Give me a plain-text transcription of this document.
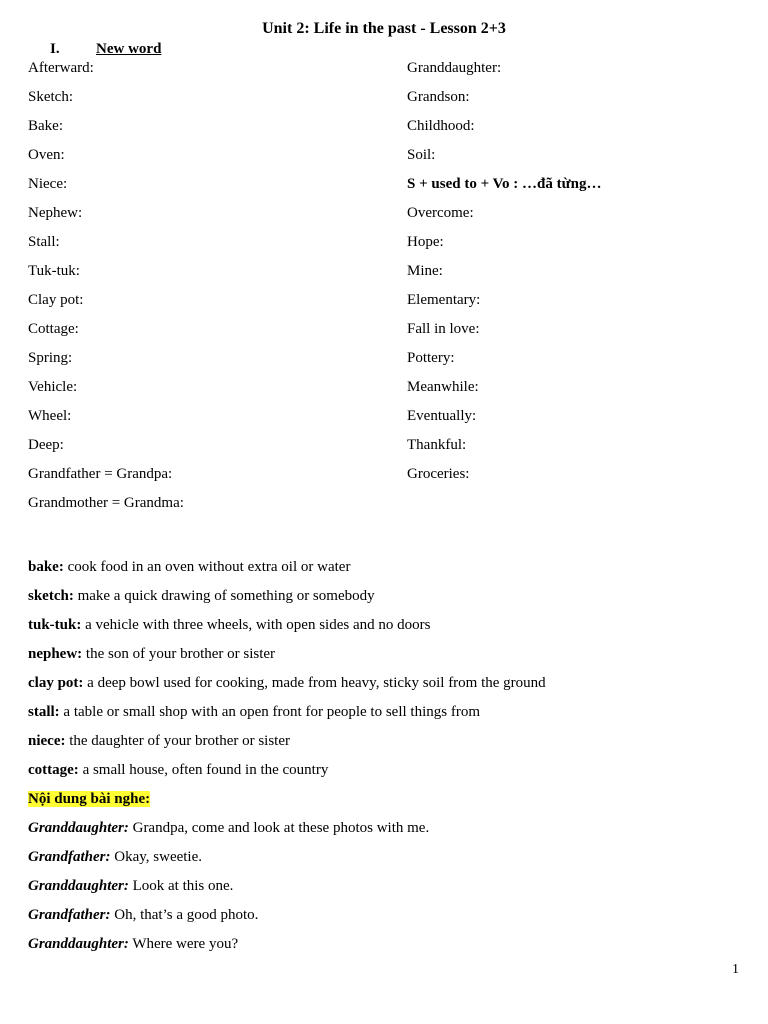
Unit 2: Life in the past - Lesson 2+3
I. New word
Afterward:
Sketch:
Bake:
Oven:
Niece:
Nephew:
Stall:
Tuk-tuk:
Clay pot:
Cottage:
Spring:
Vehicle:
Wheel:
Deep:
Grandfather = Grandpa:
Grandmother = Grandma:
Granddaughter:
Grandson:
Childhood:
Soil:
S + used to + Vo : …đã từng…
Overcome:
Hope:
Mine:
Elementary:
Fall in love:
Pottery:
Meanwhile:
Eventually:
Thankful:
Groceries:
bake: cook food in an oven without extra oil or water
sketch: make a quick drawing of something or somebody
tuk-tuk: a vehicle with three wheels, with open sides and no doors
nephew: the son of your brother or sister
clay pot: a deep bowl used for cooking, made from heavy, sticky soil from the ground
stall: a table or small shop with an open front for people to sell things from
niece: the daughter of your brother or sister
cottage: a small house, often found in the country
Nội dung bài nghe:
Granddaughter: Grandpa, come and look at these photos with me.
Grandfather: Okay, sweetie.
Granddaughter: Look at this one.
Grandfather: Oh, that’s a good photo.
Granddaughter: Where were you?
1
